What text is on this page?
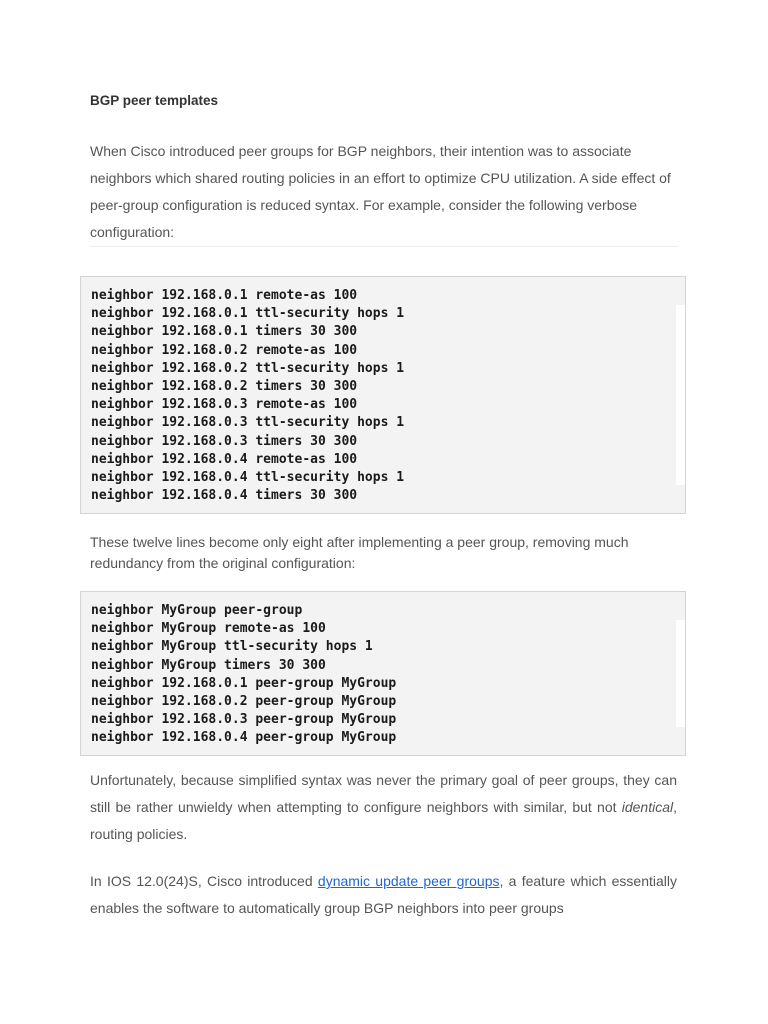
BGP peer templates

When Cisco introduced peer groups for BGP neighbors, their intention was to associate neighbors which shared routing policies in an effort to optimize CPU utilization. A side effect of peer-group configuration is reduced syntax. For example, consider the following verbose configuration:

neighbor 192.168.0.1 remote-as 100
neighbor 192.168.0.1 ttl-security hops 1
neighbor 192.168.0.1 timers 30 300
neighbor 192.168.0.2 remote-as 100
neighbor 192.168.0.2 ttl-security hops 1
neighbor 192.168.0.2 timers 30 300
neighbor 192.168.0.3 remote-as 100
neighbor 192.168.0.3 ttl-security hops 1
neighbor 192.168.0.3 timers 30 300
neighbor 192.168.0.4 remote-as 100
neighbor 192.168.0.4 ttl-security hops 1
neighbor 192.168.0.4 timers 30 300

These twelve lines become only eight after implementing a peer group, removing much redundancy from the original configuration:

neighbor MyGroup peer-group
neighbor MyGroup remote-as 100
neighbor MyGroup ttl-security hops 1
neighbor MyGroup timers 30 300
neighbor 192.168.0.1 peer-group MyGroup
neighbor 192.168.0.2 peer-group MyGroup
neighbor 192.168.0.3 peer-group MyGroup
neighbor 192.168.0.4 peer-group MyGroup

Unfortunately, because simplified syntax was never the primary goal of peer groups, they can still be rather unwieldy when attempting to configure neighbors with similar, but not identical, routing policies.

In IOS 12.0(24)S, Cisco introduced dynamic update peer groups, a feature which essentially enables the software to automatically group BGP neighbors into peer groups
